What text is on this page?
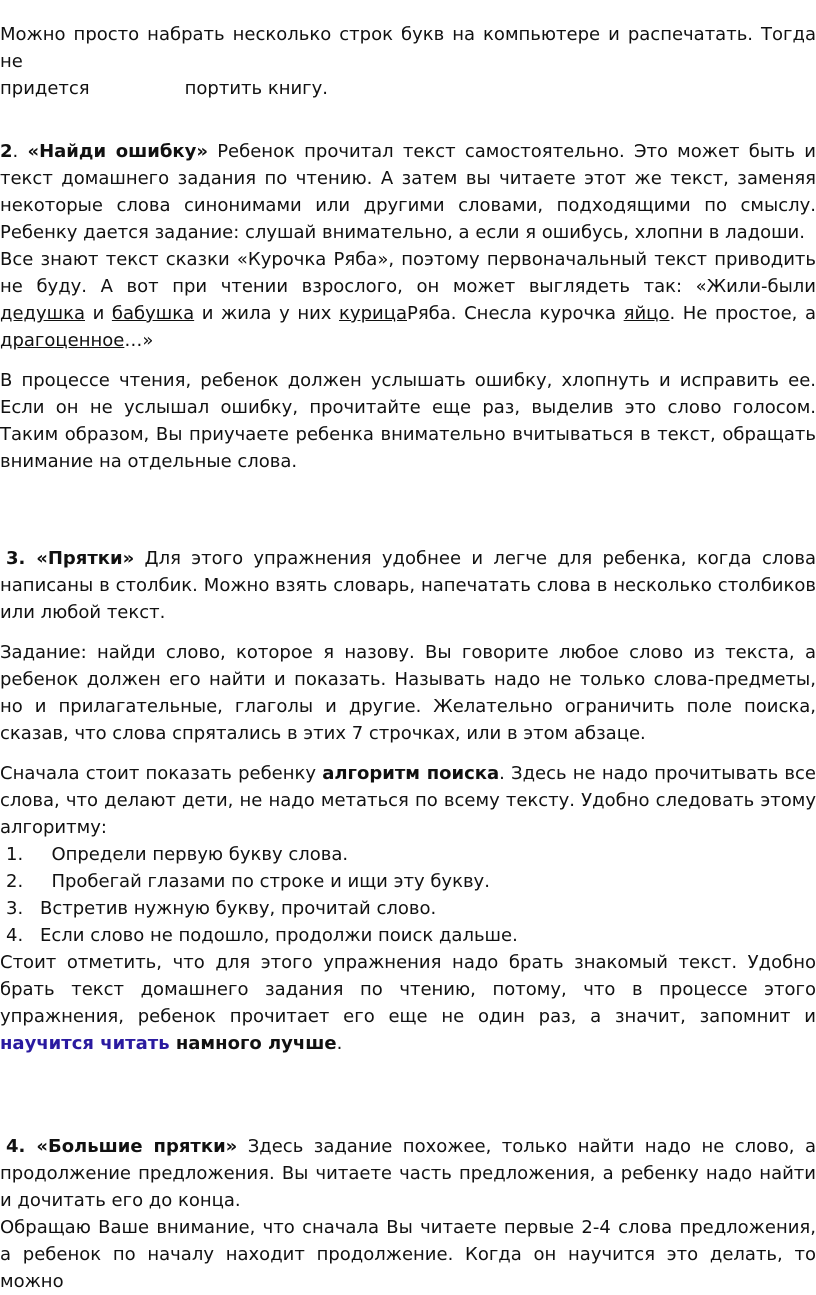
Можно просто набрать несколько строк букв на компьютере и распечатать. Тогда не

придется	портить книгу.

2. «Найди ошибку» Ребенок прочитал текст самостоятельно. Это может быть и текст домашнего задания по чтению. А затем вы читаете этот же текст, заменяя некоторые слова синонимами или другими словами, подходящими по смыслу. Ребенку дается задание: слушай внимательно, а если я ошибусь, хлопни в ладоши.

Все знают текст сказки «Курочка Ряба», поэтому первоначальный текст приводить не буду. А вот при чтении взрослого, он может выглядеть так: «Жили-были дедушка и бабушка и жила у них курицаРяба. Снесла курочка яйцо. Не простое, а драгоценное…»

В процессе чтения, ребенок должен услышать ошибку, хлопнуть и исправить ее. Если он не услышал ошибку, прочитайте еще раз, выделив это слово голосом. Таким образом, Вы приучаете ребенка внимательно вчитываться в текст, обращать внимание на отдельные слова.

3. «Прятки» Для этого упражнения удобнее и легче для ребенка, когда слова написаны в столбик. Можно взять словарь, напечатать слова в несколько столбиков или любой текст.

Задание: найди слово, которое я назову. Вы говорите любое слово из текста, а ребенок должен его найти и показать. Называть надо не только слова-предметы, но и прилагательные, глаголы и другие. Желательно ограничить поле поиска, сказав, что слова спрятались в этих 7 строчках, или в этом абзаце.

Сначала стоит показать ребенку алгоритм поиска. Здесь не надо прочитывать все слова, что делают дети, не надо метаться по всему тексту. Удобно следовать этому алгоритму:

1.  Определи первую букву слова.
2.  Пробегай глазами по строке и ищи эту букву.
3. Встретив нужную букву, прочитай слово.
4. Если слово не подошло, продолжи поиск дальше.

Стоит отметить, что для этого упражнения надо брать знакомый текст. Удобно брать текст домашнего задания по чтению, потому, что в процессе этого упражнения, ребенок прочитает его еще не один раз, а значит, запомнит и научится читать намного лучше.

4. «Большие прятки» Здесь задание похожее, только найти надо не слово, а продолжение предложения. Вы читаете часть предложения, а ребенку надо найти и дочитать его до конца.

Обращаю Ваше внимание, что сначала Вы читаете первые 2-4 слова предложения, а ребенок по началу находит продолжение. Когда он научится это делать, то можно
